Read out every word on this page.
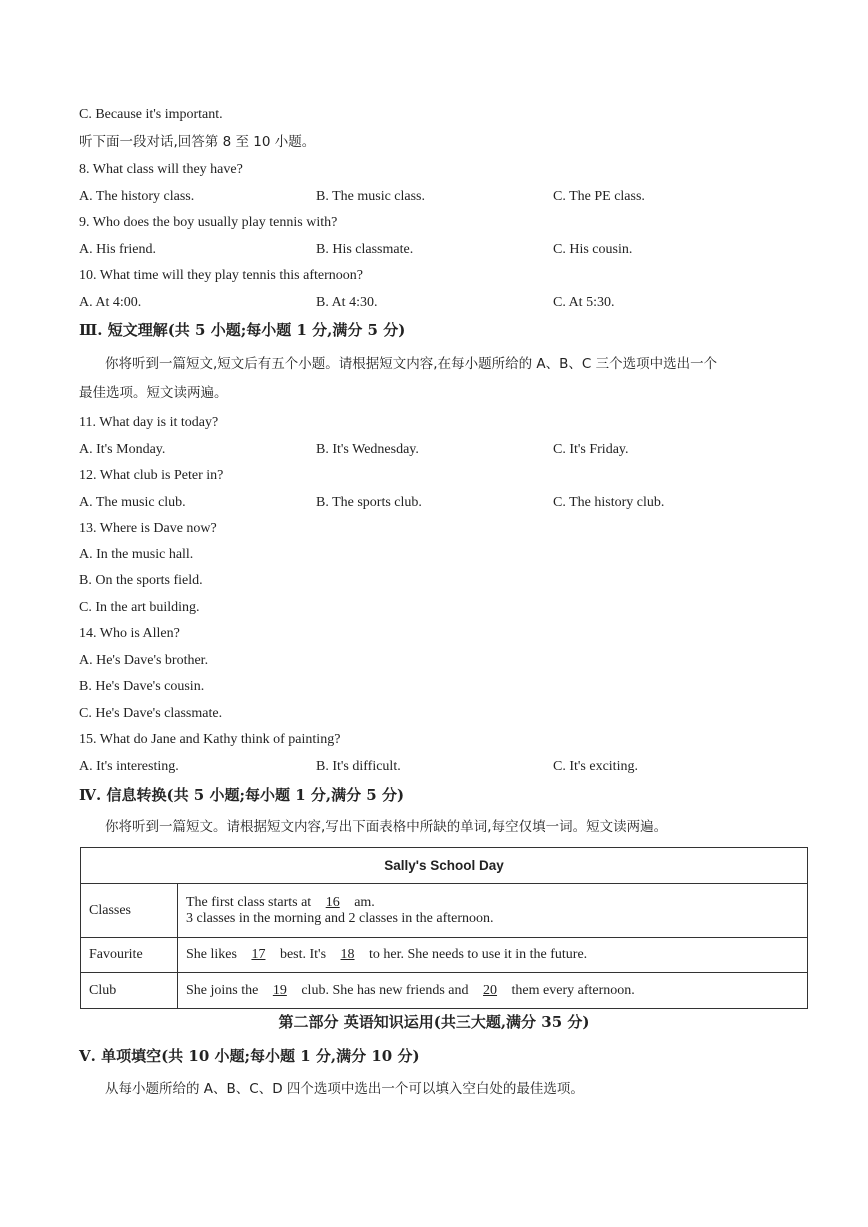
C. Because it's important.
听下面一段对话,回答第 8 至 10 小题。
8. What class will they have?
A. The history class.	B. The music class.	C. The PE class.
9. Who does the boy usually play tennis with?
A. His friend.	B. His classmate.	C. His cousin.
10. What time will they play tennis this afternoon?
A. At 4:00.	B. At 4:30.	C. At 5:30.
Ⅲ. 短文理解(共 5 小题;每小题 1 分,满分 5 分)
你将听到一篇短文,短文后有五个小题。请根据短文内容,在每小题所给的 A、B、C 三个选项中选出一个
最佳选项。短文读两遍。
11. What day is it today?
A. It's Monday.	B. It's Wednesday.	C. It's Friday.
12. What club is Peter in?
A. The music club.	B. The sports club.	C. The history club.
13. Where is Dave now?
A. In the music hall.
B. On the sports field.
C. In the art building.
14. Who is Allen?
A. He's Dave's brother.
B. He's Dave's cousin.
C. He's Dave's classmate.
15. What do Jane and Kathy think of painting?
A. It's interesting.	B. It's difficult.	C. It's exciting.
Ⅳ. 信息转换(共 5 小题;每小题 1 分,满分 5 分)
你将听到一篇短文。请根据短文内容,写出下面表格中所缺的单词,每空仅填一词。短文读两遍。
Sally's School Day	
Classes	The first class starts at 16 am.
3 classes in the morning and 2 classes in the afternoon.

Favourite	She likes 17 best. It's 18 to her. She needs to use it in the future.
Club	She joins the 19 club. She has new friends and 20 them every afternoon.
第二部分 英语知识运用(共三大题,满分 35 分)
Ⅴ. 单项填空(共 10 小题;每小题 1 分,满分 10 分)
从每小题所给的 A、B、C、D 四个选项中选出一个可以填入空白处的最佳选项。
